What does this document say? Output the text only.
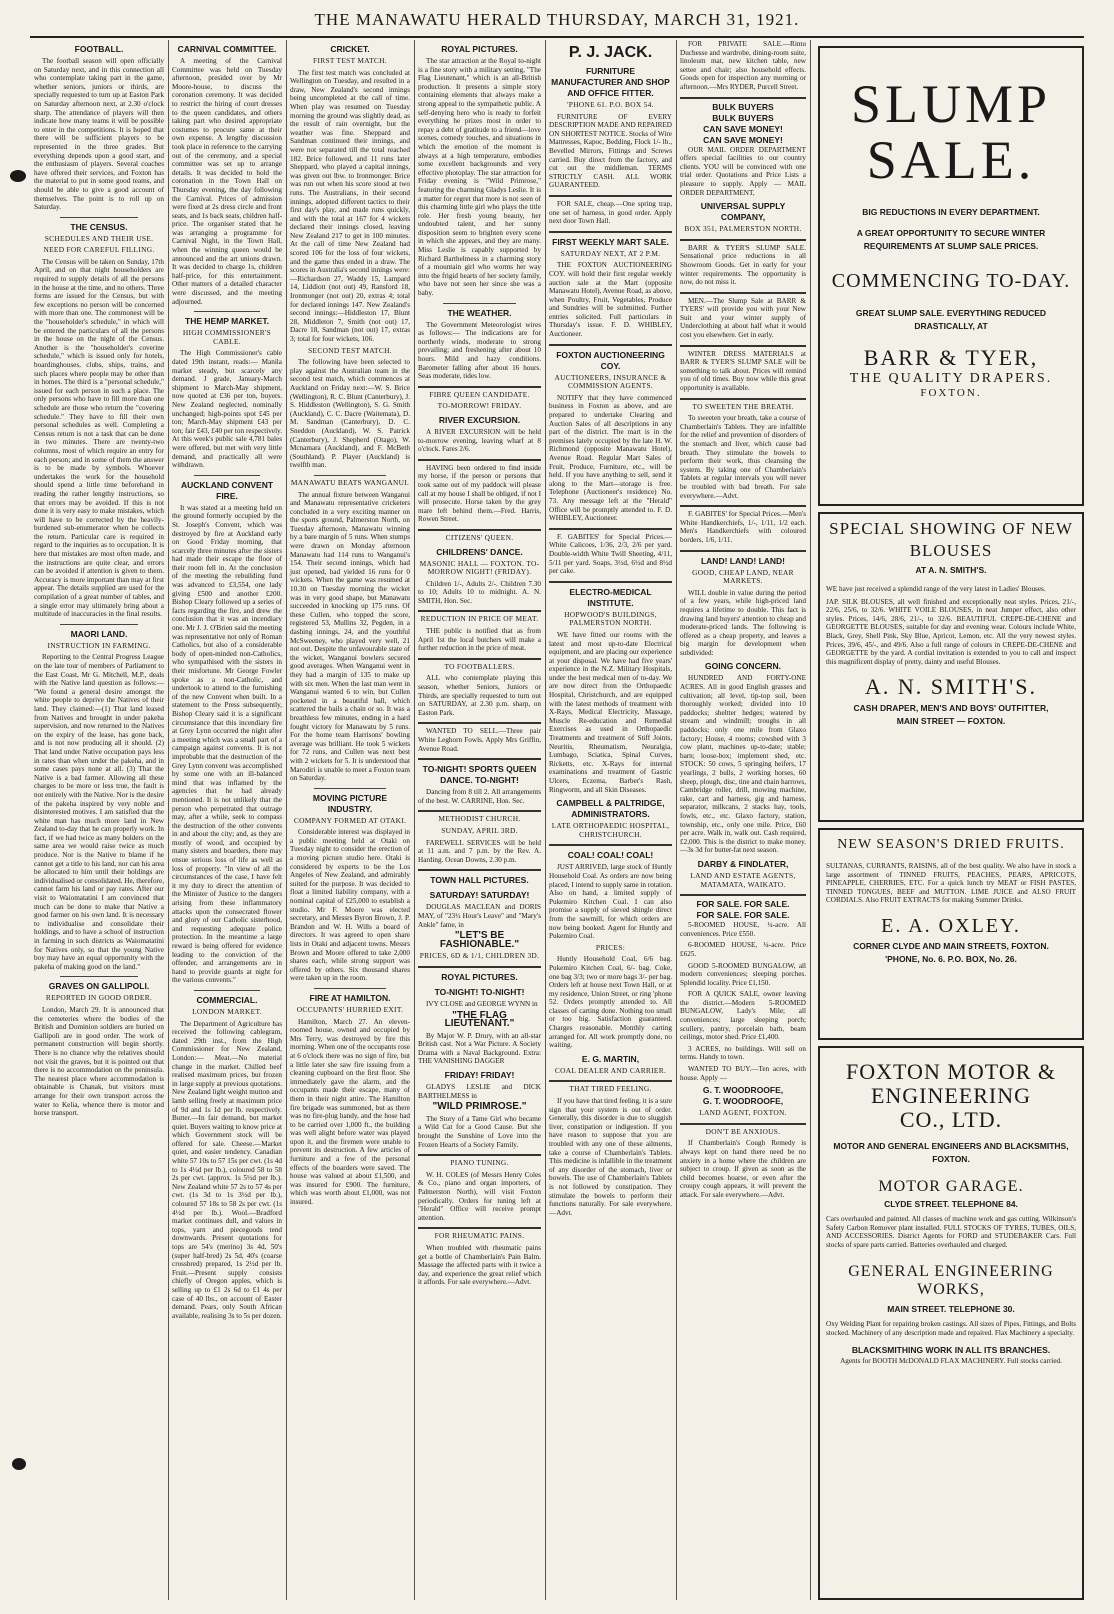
THE MANAWATU HERALD THURSDAY, MARCH 31, 1921.
FOOTBALL.

The football season will open officially on Saturday next, and in this connection all who contemplate taking part in the game, whether seniors, juniors or thirds, are specially requested to turn up at Easton Park on Saturday afternoon next, at 2.30 o'clock sharp. The attendance of players will then indicate how many teams it will be possible to enter in the competitions. It is hoped that there will be sufficient players to be represented in the three grades. But everything depends upon a good start, and the enthusiasm of players. Several coaches have offered their services, and Foxton has the material to put in some good teams, and should be able to give a good account of themselves. The point is to roll up on Saturday.

THE CENSUS.
SCHEDULES AND THEIR USE.
NEED FOR CAREFUL FILLING.

The Census will be taken on Sunday, 17th April, and on that night householders are required to supply details of all the persons in the house at the time, and no others. Three forms are issued for the Census, but with few exceptions no person will be concerned with more than one. The commonest will be the "householder's schedule," in which will be entered the particulars of all the persons in the house on the night of the Census. Another is the "householder's coverine schedule," which is issued only for hotels, boardinghouses, clubs, ships, trains, and such places where people may be other than in homes. The third is a "personal schedule," issued for each person in such a place. The only persons who have to fill more than one schedule are those who return the "covering schedule." They have to fill their own personal schedules as well. Completing a Census return is not a task that can be done in two minutes. There are twenty-two columns, most of which require an entry for each person; and in some of them the answer is to be made by symbols. Whoever undertakes the work for the household should spend a little time beforehand in reading the rather lengthy instructions, so that errors may be avoided. If this is not done it is very easy to make mistakes, which will have to be corrected by the heavily-burdened sub-enumerator when he collects the return. Particular care is required in regard to the inquiries as to occupation. It is here that mistakes are most often made, and the instructions are quite clear, and errors can be avoided if attention is given to them. Accuracy is more important than may at first appear. The details supplied are used for the compilation of a great number of tables, and a single error may ultimately bring about a multitude of inaccuracies in the final results.

MAORI LAND.
INSTRUCTION IN FARMING.

Reporting to the Central Progress League on the late tour of members of Parliament to the East Coast, Mr G. Mitchell, M.P., deals with the Native land question as follows:— "We found a general desire amongst the white people to deprive the Natives of their land. They claimed:—(1) That land leased from Natives and brought in under pakeha supervision, and now returned to the Natives on the expiry of the lease, has gone back, and is not now producing all it should. (2) That land under Native occupation pays less in rates than when under the pakeha, and in some cases pays none at all. (3) That the Native is a bad farmer. Allowing all these charges to be more or less true, the fault is not entirely with the Native. Nor is the desire of the pakeha inspired by very noble and disinterested motives. I am satisfied that the white man has much more land in New Zealand to-day that he can properly work. In fact, if we had twice as many holders on the same area we would raise twice as much produce. Nor is the Native to blame if he cannot get a title to his land, nor can his area be allocated to him until their holdings are individualised or consolidated. He, therefore, cannot farm his land or pay rates. After our visit to Waiomatatini I am convinced that much can be done to make that Native a good farmer on his own land. It is necessary to individualise and consolidate their holdings, and to have a school of instruction in farming in such districts as Waiomatatini for Natives only, so that the young Native boy may have an equal opportunity with the pakeha of making good on the land."

GRAVES ON GALLIPOLI.
REPORTED IN GOOD ORDER.

London, March 29. It is announced that the cemeteries where the bodies of the British and Dominion soldiers are buried on Gallipoli are in good order. The work of permanent construction will begin shortly. There is no chance why the relatives should not visit the graves, but it is pointed out that there is no accommodation on the peninsula. The nearest place where accommodation is obtainable is Chanak, but visitors must arrange for their own transport across the water to Kelia, whence there is motor and horse transport.

CARNIVAL COMMITTEE.

A meeting of the Carnival Committee was held on Tuesday afternoon, presided over by Mr Moore-house, to discuss the coronation ceremony. It was decided to restrict the hiring of court dresses to the queen candidates, and others taking part who desired appropriate costumes to procure same at their own expense. A lengthy discussion took place in reference to the carrying out of the ceremony, and a special committee was set up to arrange details. It was decided to hold the coronation in the Town Hall on Thursday evening, the day following the Carnival. Prices of admission were fixed at 2s dress circle and front seats, and 1s back seats, children half-price. The organiser stated that he was arranging a programme for Carnival Night, in the Town Hall, when the winning queen would be announced and the art unions drawn. It was decided to charge 1s, children half-price, for this entertainment. Other matters of a detailed character were discussed, and the meeting adjourned.

THE HEMP MARKET.
HIGH COMMISSIONER'S CABLE.

The High Commissioner's cable dated 19th instant, reads:— Manila market steady, but scarcely any demand. J grade, January-March shipment to March-May shipment, now quoted at £36 per ton, buyers. New Zealand neglected, nominally unchanged; high-points spot £45 per ton; March-May shipment £43 per ton; fair £43, £40 per ton respectively. At this week's public sale 4,781 bales were offered, but met with very little demand, and practically all were withdrawn.

AUCKLAND CONVENT FIRE.

It was stated at a meeting held on the ground formerly occupied by the St. Joseph's Convent, which was destroyed by fire at Auckland early on Good Friday morning, that scarcely three minutes after the sisters had made their escape the floor of their room fell in. At the conclusion of the meeting the rebuilding fund was advanced to £3,554, one lady giving £500 and another £200. Bishop Cleary followed up a series of facts regarding the fire, and drew the conclusion that it was an incendiary one. Mr J. J. O'Brien said the meeting was representative not only of Roman Catholics, but also of a considerable body of open-minded non-Catholics, who sympathised with the sisters in their misfortune. Mr George Fowler spoke as a non-Catholic, and undertook to attend to the furnishing of the new Convent when built. In a statement to the Press subsequently, Bishop Cleary said it is a significant circumstance that this incendiary fire at Grey Lynn occurred the night after a meeting which was a small part of a campaign against convents. It is not improbable that the destruction of the Grey Lynn convent was accomplished by some one with an ill-balanced mind that was inflamed by the agencies that he had already mentioned. It is not unlikely that the person who perpetrated that outrage may, after a while, seek to compass the destruction of the other convents in and about the city; and, as they are mostly of wood, and occupied by many sisters and boarders, there may ensue serious loss of life as well as loss of property. "In view of all the circumstances of the case, I have felt it my duty to direct the attention of the Minister of Justice to the dangers arising from these inflammatory attacks upon the consecrated flower and glory of our Catholic sisterhood, and requesting adequate police protection. In the meantime a large reward is being offered for evidence leading to the conviction of the offender, and arrangements are in hand to provide guards at night for the various convents."

COMMERCIAL.
LONDON MARKET.

The Department of Agriculture has received the following cablegram, dated 29th inst., from the High Commissioner for New Zealand, London:— Meat.—No material change in the market. Chilled beef realised maximum prices, but frozen in large supply at previous quotations. New Zealand light weight mutton and lamb selling freely at maximum price of 9d and 1s 1d per lb. respectively. Butter.—In fair demand, but market quiet. Buyers waiting to know price at which Government stock will be offered for sale. Cheese.—Market quiet, and easier tendency. Canadian white 57 10s to 57 15s per cwt. (1s 4d to 1s 4½d per lb.), coloured 58 to 58 2s per cwt. (approx. 1s 5½d per lb.). New Zealand white 57 2s to 57 4s per cwt. (1s 3d to 1s 3½d per lb.), coloured 57 18s to 58 2s per cwt. (1s 4½d per lb.). Wool.—Bradford market continues dull, and values in tops, yarn and piecegoods tend downwards. Present quotations for tops are 54's (merino) 3s 4d, 50's (super half-bred) 2s 5d, 40's (coarse crossbred) prepared, 1s 2½d per lb. Fruit.—Present supply consists chiefly of Oregon apples, which is selling up to £1 2s 6d to £1 4s per case of 40 lbs., on account of Easter demand. Pears, only South African available, realising 3s to 5s per dozen.

CRICKET.
FIRST TEST MATCH.

The first test match was concluded at Wellington on Tuesday, and resulted in a draw, New Zealand's second innings being uncompleted at the call of time. When play was resumed on Tuesday morning the ground was slightly dead, as the result of rain overnight, but the weather was fine. Sheppard and Sandman continued their innings, and were not separated till the total reached 182. Brice followed, and 11 runs later Sheppard, who played a capital innings, was given out lbw. to Ironmonger. Brice was run out when his score stood at two runs. The Australians, in their second innings, adopted different tactics to their first day's play, and made runs quickly, and with the total at 167 for 4 wickets declared their innings closed, leaving New Zealand 217 to get in 100 minutes. At the call of time New Zealand had scored 106 for the loss of four wickets, and the game thus ended in a draw. The scores in Australia's second innings were:—Richardson 27, Waddy 15, Lampard 14, Liddiott (not out) 49, Ransford 18, Ironmonger (not out) 20, extras 4; total for declared innings 147. New Zealand's second innings:—Hiddleston 17, Blunt 28, Middleton 7, Smith (not out) 17, Dacre 18, Sandman (not out) 17, extras 3; total for four wickets, 106.

SECOND TEST MATCH.

The following have been selected to play against the Australian team in the second test match, which commences at Auckland on Friday next:—W. S. Brice (Wellington), R. C. Blunt (Canterbury), J. S. Hiddleston (Wellington), S. G. Smith (Auckland), C. C. Dacre (Waitemata), D. M. Sandman (Canterbury), D. C. Sneddon (Auckland), W. S. Patrick (Canterbury), J. Shepherd (Otago), W. Mcnamara (Auckland), and F. McBeth (Southland). P. Player (Auckland) is twelfth man.

MANAWATU BEATS WANGANUI.

The annual fixture between Wanganui and Manawatu representative cricketers concluded in a very exciting manner on the sports ground, Palmerston North, on Tuesday afternoon, Manawatu winning by a bare margin of 5 runs. When stumps were drawn on Monday afternoon Manawatu had 114 runs to Wanganui's 154. Their second innings, which had just opened, had yielded 16 runs for 0 wickets. When the game was resumed at 10.30 on Tuesday morning the wicket was in very good shape, but Manawatu succeeded in knocking up 175 runs. Of these Cullen, who topped the score, registered 53, Mullins 32, Pegden, in a dashing innings, 24, and the youthful McSweeney, who played very well, 21 not out. Despite the unfavourable state of the wicket, Wanganui bowlers secured good averages. When Wanganui went in they had a margin of 135 to make up with six men. When the last man went in Wanganui wanted 6 to win, but Cullen pocketed in a beautiful ball, which scattered the bails a chain or so. It was a breathless few minutes, ending in a hard fought victory for Manawatu by 5 runs. For the home team Harrisons' bowling average was brilliant. He took 5 wickets for 72 runs, and Cullen was next best with 2 wickets for 5. It is understood that Marodiri is unable to meet a Foxton team on Saturday.

MOVING PICTURE INDUSTRY.
COMPANY FORMED AT OTAKI.

Considerable interest was displayed in a public meeting held at Otaki on Tuesday night to consider the erection of a moving picture studio here. Otaki is considered by experts to be the Los Angeles of New Zealand, and admirably suited for the purpose. It was decided to float a limited liability company, with a nominal capital of £25,000 to establish a studio. Mr F. Moore was elected secretary, and Messrs Byron Brown, J. P. Brandon and W. H. Wills a board of directors. It was agreed to open share lists in Otaki and adjacent towns. Messrs Brown and Moore offered to take 2,000 shares each, while strong support was offered by others. Six thousand shares were taken up in the room.

FIRE AT HAMILTON.
OCCUPANTS' HURRIED EXIT.

Hamilton, March 27. An eleven-roomed house, owned and occupied by Mrs Terry, was destroyed by fire this morning. When one of the occupants rose at 6 o'clock there was no sign of fire, but a little later she saw fire issuing from a cleaning cupboard on the first floor. She immediately gave the alarm, and the occupants made their escape, many of them in their night attire. The Hamilton fire brigade was summoned, but as there was no fire-plug handy, and the hose had to be carried over 1,000 ft., the building was well alight before water was played upon it, and the firemen were unable to prevent its destruction. A few articles of furniture and a few of the personal effects of the boarders were saved. The house was valued at about £1,500, and was insured for £900. The furniture, which was worth about £1,000, was not insured.

ROYAL PICTURES.

The star attraction at the Royal to-night is a fine story with a military setting, "The Flag Lieutenant," which is an all-British production. It presents a simple story containing elements that always make a strong appeal to the sympathetic public. A self-denying hero who is ready to forfeit everything he prizes most in order to repay a debt of gratitude to a friend—love scenes, comedy touches, and situations in which the emotion of the moment is always at a high temperature, embodies some excellent backgrounds and very effective photoplay. The star attraction for Friday evening is "Wild Primrose," featuring the charming Gladys Leslie. It is a matter for regret that more is not seen of this charming little girl who plays the title role. Her fresh young beauty, her undoubted talent, and her sunny disposition seem to brighten every scene in which she appears, and they are many. Miss Leslie is capably supported by Richard Barthelmess in a charming story of a mountain girl who worms her way into the frigid hearts of her society family, who have not seen her since she was a baby.

THE WEATHER.

The Government Meteorologist wires as follows:— The indications are for northerly winds, moderate to strong prevailing; and freshening after about 10 hours. Mild and hazy conditions. Barometer falling after about 16 hours. Seas moderate, tides low.

FIBRE QUEEN CANDIDATE.
TO-MORROW! FRIDAY.
RIVER EXCURSION.

A RIVER EXCURSION will be held to-morrow evening, leaving wharf at 8 o'clock. Fares 2/6.

HAVING been ordered to find inside my horse, if the person or persons that took same out of my paddock will please call at my house I shall be obliged, if not I will prosecute. Horse taken by the grey mare left behind them.—Fred. Harris, Rowen Street.

CITIZENS' QUEEN.
CHILDRENS' DANCE.
MASONIC HALL — FOXTON. TO-MORROW NIGHT! (FRIDAY).

Children 1/-, Adults 2/-. Children 7.30 to 10; Adults 10 to midnight. A. N. SMITH, Hon. Sec.

REDUCTION IN PRICE OF MEAT.

THE public is notified that as from April 1st the local butchers will make a further reduction in the price of meat.

TO FOOTBALLERS.

ALL who contemplate playing this season, whether Seniors, Juniors or Thirds, are specially requested to turn out on SATURDAY, at 2.30 p.m. sharp, on Easton Park.

WANTED TO SELL.—Three pair White Leghorn Fowls. Apply Mrs Griffin, Avenue Road.

TO-NIGHT! SPORTS QUEEN DANCE. TO-NIGHT!

Dancing from 8 till 2. All arrangements of the best. W. CARRINE, Hon. Sec.

METHODIST CHURCH.
SUNDAY, APRIL 3RD.

FAREWELL SERVICES will be held at 11 a.m. and 7 p.m. by the Rev. A. Harding. Ocean Downs, 2.30 p.m.

TOWN HALL PICTURES.
SATURDAY! SATURDAY!

DOUGLAS MACLEAN and DORIS MAY, of "23½ Hour's Leave" and "Mary's Ankle" fame, in

"LET'S BE FASHIONABLE."
PRICES, 6D & 1/1, CHILDREN 3D.
ROYAL PICTURES.
TO-NIGHT! TO-NIGHT!

IVY CLOSE and GEORGE WYNN in

"THE FLAG LIEUTENANT."

By Major W. P. Drury, with an all-star British cast. Not a War Picture. A Society Drama with a Naval Background. Extra: THE VANISHING DAGGER

FRIDAY! FRIDAY!

GLADYS LESLIE and DICK BARTHELMESS in

"WILD PRIMROSE."

The Story of a Tame Girl who became a Wild Cat for a Good Cause. But she brought the Sunshine of Love into the Frozen Hearts of a Society Family.

PIANO TUNING.

W. H. COLES (of Messrs Henry Coles & Co., piano and organ importers, of Palmerston North), will visit Foxton periodically. Orders for tuning left at "Herald" Office will receive prompt attention.

FOR RHEUMATIC PAINS.

When troubled with rheumatic pains get a bottle of Chamberlain's Pain Balm. Massage the affected parts with it twice a day, and experience the great relief which it affords. For sale everywhere.—Advt.

P. J. JACK.
FURNITURE MANUFACTURER AND SHOP AND OFFICE FITTER.
'PHONE 61. P.O. BOX 54.

FURNITURE OF EVERY DESCRIPTION MADE AND REPAIRED ON SHORTEST NOTICE. Stocks of Wire Mattresses, Kapoc, Bedding, Flock 1/- lb., Bevelled Mirrors, Fittings and Screws carried. Buy direct from the factory, and cut out the middleman. TERMS STRICTLY CASH. ALL WORK GUARANTEED.

FOR SALE, cheap.—One spring trap, one set of harness, in good order. Apply next door Town Hall.

FIRST WEEKLY MART SALE.
SATURDAY NEXT, AT 2 P.M.

THE FOXTON AUCTIONEERING COY. will hold their first regular weekly auction sale at the Mart (opposite Manawatu Hotel), Avenue Road, as above, when Poultry, Fruit, Vegetables, Produce and Sundries will be submitted. Further entries solicited. Full particulars in Thursday's issue. F. D. WHIBLEY, Auctioneer.

FOXTON AUCTIONEERING COY.
AUCTIONEERS, INSURANCE & COMMISSION AGENTS.

NOTIFY that they have commenced business in Foxton as above, and are prepared to undertake Clearing and Auction Sales of all descriptions in any part of the district. The mart is in the premises lately occupied by the late H. W. Richmond (opposite Manawatu Hotel), Avenue Road. Regular Mart Sales of Fruit, Produce, Furniture, etc., will be held. If you have anything to sell, send it along to the Mart—storage is free. Telephone (Auctioneer's residence) No. 73. Any message left at the "Herald" Office will be promptly attended to. F. D. WHIBLEY, Auctioneer.

F. GABITES' for Special Prices.—White Calicoes, 1/36, 2/3, 2/6 per yard. Double-width White Twill Sheeting, 4/11, 5/11 per yard. Soaps, 3½d, 6½d and 8½d per cake.

ELECTRO-MEDICAL INSTITUTE.
HOPWOOD'S BUILDINGS, PALMERSTON NORTH.

WE have fitted our rooms with the latest and most up-to-date Electrical equipment, and are placing our experience at your disposal. We have had five years' experience in the N.Z. Military Hospitals, under the best medical men of to-day. We are now direct from the Orthopaedic Hospital, Christchurch, and are equipped with the latest methods of treatment with X-Rays, Medical Electricity, Massage, Muscle Re-education and Remedial Exercises as used in Orthopaedic Treatments and treatment of Stiff Joints, Neuritis, Rheumatism, Neuralgia, Lumbago, Sciatica, Spinal Curves, Ricketts, etc. X-Rays for internal examinations and treatment of Gastric Ulcers, Eczema, Barber's Rash, Ringworm, and all Skin Diseases.

CAMPBELL & PALTRIDGE, ADMINISTRATORS.
LATE ORTHOPAEDIC HOSPITAL, CHRISTCHURCH.
COAL! COAL! COAL!

JUST ARRIVED, large stock of Huntly Household Coal. As orders are now being placed, I intend to supply same in rotation. Also on hand, a limited supply of Pukemiro Kitchen Coal. I can also promise a supply of sieved shingle direct from the sawmill, for which orders are now being booked. Agent for Huntly and Pukemiro Coal.

PRICES:

Huntly Household Coal, 6/6 bag. Pukemiro Kitchen Coal, 6/- bag. Coke, one bag 3/3; two or more bags 3/- per bag. Orders left at house next Town Hall, or at my residence, Union Street, or ring 'phone 52. Orders promptly attended to. All classes of carting done. Nothing too small or too big. Satisfaction guaranteed. Charges reasonable. Monthly carting arranged for. All work promptly done, no waiting.

E. G. MARTIN,
COAL DEALER AND CARRIER.
THAT TIRED FEELING.

If you have that tired feeling, it is a sure sign that your system is out of order. Generally, this disorder is due to sluggish liver, constipation or indigestion. If you have reason to suppose that you are troubled with any one of these ailments, take a course of Chamberlain's Tablets. This medicine is infallible in the treatment of any disorder of the stomach, liver or bowels. The use of Chamberlain's Tablets is not followed by constipation. They stimulate the bowels to perform their functions naturally. For sale everywhere.—Advt.

FOR PRIVATE SALE.—Rimu Duchesse and wardrobe, dining-room suite, linoleum mat, new kitchen table, new settee and chair; also household effects. Goods open for inspection any morning or afternoon.—Mrs RYDER, Purcell Street.

BULK BUYERS
BULK BUYERS
CAN SAVE MONEY!
CAN SAVE MONEY!

OUR MAIL ORDER DEPARTMENT offers special facilities to our country clients. YOU will be convinced with one trial order. Quotations and Price Lists a pleasure to supply. Apply — MAIL ORDER DEPARTMENT,

UNIVERSAL SUPPLY COMPANY,
BOX 351, PALMERSTON NORTH.

BARR & TYER'S SLUMP SALE. Sensational price reductions in all Showroom Goods. Get in early for your winter requirements. The opportunity is now, do not miss it.

MEN.—The Slump Sale at BARR & TYERS' will provide you with your New Suit and your winter supply of Underclothing at about half what it would cost you elsewhere. Get in early.

WINTER DRESS MATERIALS at BARR & TYER'S SLUMP SALE will be something to talk about. Prices will remind you of old times. Buy now while this great opportunity is available.

TO SWEETEN THE BREATH.

To sweeten your breath, take a course of Chamberlain's Tablets. They are infallible for the relief and prevention of disorders of the stomach and liver, which cause bad breath. They stimulate the bowels to perform their work, thus cleansing the system. By taking one of Chamberlain's Tablets at regular intervals you will never be troubled with bad breath. For sale everywhere.—Advt.

F. GABITES' for Special Prices.—Men's White Handkerchiefs, 1/-, 1/11, 1/2 each. Men's Handkerchiefs with coloured borders, 1/6, 1/11.

LAND! LAND! LAND!
GOOD, CHEAP LAND, NEAR MARKETS.

WILL double in value during the period of a few years, while high-priced land requires a lifetime to double. This fact is drawing land buyers' attention to cheap and moderate-priced lands. The following is offered as a cheap property, and leaves a big margin for development when subdivided:

GOING CONCERN.

HUNDRED AND FORTY-ONE ACRES. All in good English grasses and cultivation; all level, tip-top soil, been thoroughly worked; divided into 10 paddocks; sheltter hedges; watered by stream and windmill; troughs in all paddocks; only one mile from Glaxo factory; House, 4 rooms; cowshed with 3 cow plant, machines up-to-date; stable; barn; loose-box; implement shed, etc. STOCK: 50 cows, 5 springing heifers, 17 yearlings, 2 bulls, 2 working horses, 60 sheep, plough, disc, tine and chain harrows, Cambridge roller, drill, mowing machine, rake, cart and harness, gig and harness, separator, milkcans, 2 stacks hay, tools, fowls, etc., etc. Glaxo factory, station, township, etc., only one mile. Price, £60 per acre. Walk in, walk out. Cash required, £2,000. This is the district to make money. —3s 3d for butter-fat next season.

DARBY & FINDLATER,
LAND AND ESTATE AGENTS, MATAMATA, WAIKATO.
FOR SALE. FOR SALE.
FOR SALE. FOR SALE.

5-ROOMED HOUSE, ¼-acre. All conveniences. Price £550.

6-ROOMED HOUSE, ¼-acre. Price £625.

GOOD 5-ROOMED BUNGALOW, all modern conveniences; sleeping porches. Splendid locality. Price £1,150.

FOR A QUICK SALE, owner leaving the district.—Modern 5-ROOMED BUNGALOW, Lady's Mile; all conveniences; large sleeping porch; scullery, pantry, porcelain bath, beam ceilings, motor shed. Price £1,400.

3 ACRES, no buildings. Will sell on terms. Handy to town.

WANTED TO BUY.—Ten acres, with house. Apply —

G. T. WOODROOFE,
G. T. WOODROOFE,
LAND AGENT, FOXTON.
DON'T BE ANXIOUS.

If Chamberlain's Cough Remedy is always kept on hand there need be no anxiety in a home where the children are subject to croup. If given as soon as the child becomes hoarse, or even after the croupy cough appears, it will prevent the attack. For sale everywhere.—Advt.

SLUMP
SALE.
BIG REDUCTIONS IN EVERY DEPARTMENT.
A GREAT OPPORTUNITY TO SECURE WINTER REQUIREMENTS AT SLUMP SALE PRICES.
COMMENCING TO-DAY.
GREAT SLUMP SALE. EVERYTHING REDUCED DRASTICALLY, AT
BARR & TYER,
THE QUALITY DRAPERS.
FOXTON.
SPECIAL SHOWING OF NEW BLOUSES
AT A. N. SMITH'S.
WE have just received a splendid range of the very latest in Ladies' Blouses.
JAP. SILK BLOUSES, all well finished and exceptionally neat styles. Prices, 21/-, 22/6, 25/6, to 32/6. WHITE VOILE BLOUSES, in neat Jumper effect, also other styles. Prices, 14/6, 28/6, 21/-, to 32/6. BEAUTIFUL CREPE-DE-CHENE and GEORGETTE BLOUSES, suitable for day and evening wear. Colours include White, Black, Grey, Shell Pink, Sky Blue, Apricot, Lemon, etc. All the very newest styles. Prices, 39/6, 45/-, and 49/6. Also a full range of colours in CREPE-DE-CHENE and GEORGETTE by the yard. A cordial invitation is extended to you to call and inspect this magnificent display of pretty, dainty and useful Blouses.
A. N. SMITH'S.
CASH DRAPER, MEN'S AND BOYS' OUTFITTER,
MAIN STREET — FOXTON.
NEW SEASON'S DRIED FRUITS.
SULTANAS, CURRANTS, RAISINS, all of the best quality. We also have in stock a large assortment of TINNED FRUITS, PEACHES, PEARS, APRICOTS, PINEAPPLE, CHERRIES, ETC. For a quick lunch try MEAT or FISH PASTES, TINNED TONGUES, BEEF and MUTTON. LIME JUICE and ALSO FRUIT CORDIALS. Also FRUIT EXTRACTS for making Summer Drinks.
E. A. OXLEY.
CORNER CLYDE AND MAIN STREETS, FOXTON.
'PHONE, No. 6. P.O. BOX, No. 26.
FOXTON MOTOR &
ENGINEERING
CO., LTD.
MOTOR AND GENERAL ENGINEERS AND BLACKSMITHS, FOXTON.
MOTOR GARAGE.
CLYDE STREET. TELEPHONE 84.
Cars overhauled and painted. All classes of machine work and gas cutting. Wilkinson's Safety Carbon Remover plant installed. FULL STOCKS OF TYRES, TUBES, OILS, AND ACCESSORIES. District Agents for FORD and STUDEBAKER Cars. Full stocks of spare parts carried. Batteries overhauled and charged.
GENERAL ENGINEERING
WORKS,
MAIN STREET. TELEPHONE 30.
Oxy Welding Plant for repairing broken castings. All sizes of Pipes, Fittings, and Bolts stocked. Machinery of any description made and repaired. Flax Machinery a specialty.
BLACKSMITHING WORK IN ALL ITS BRANCHES.
Agents for BOOTH McDONALD FLAX MACHINERY. Full stocks carried.
